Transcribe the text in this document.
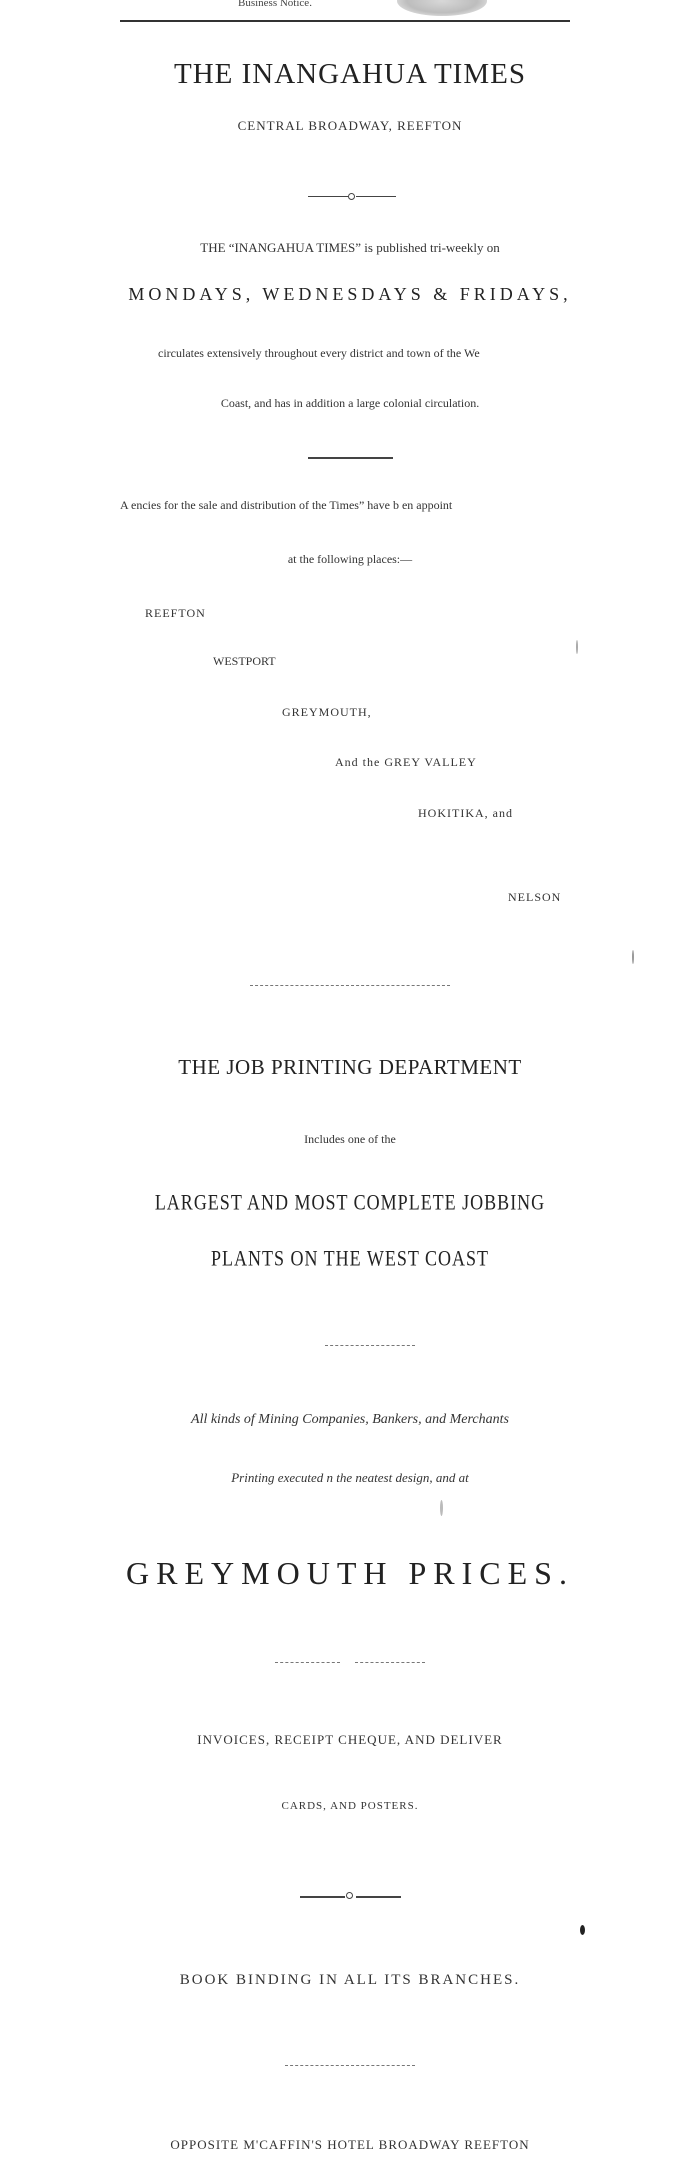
Business Notice.
THE INANGAHUA TIMES
CENTRAL BROADWAY, REEFTON
THE “INANGAHUA TIMES” is published tri-weekly on
MONDAYS, WEDNESDAYS & FRIDAYS,
circulates extensively throughout every district and town of the We
Coast, and has in addition a large colonial circulation.
A encies for the sale and distribution of the Times” have b en appoint
at the following places:—
REEFTON
WESTPORT
GREYMOUTH,
And the GREY VALLEY
HOKITIKA, and
NELSON
THE JOB PRINTING DEPARTMENT
Includes one of the
LARGEST AND MOST COMPLETE JOBBING
PLANTS ON THE WEST COAST
All kinds of Mining Companies, Bankers, and Merchants
Printing executed n the neatest design, and at
GREYMOUTH PRICES.
INVOICES, RECEIPT CHEQUE, AND DELIVER
CARDS, AND POSTERS.
BOOK BINDING IN ALL ITS BRANCHES.
OPPOSITE M'CAFFIN'S HOTEL BROADWAY REEFTON
